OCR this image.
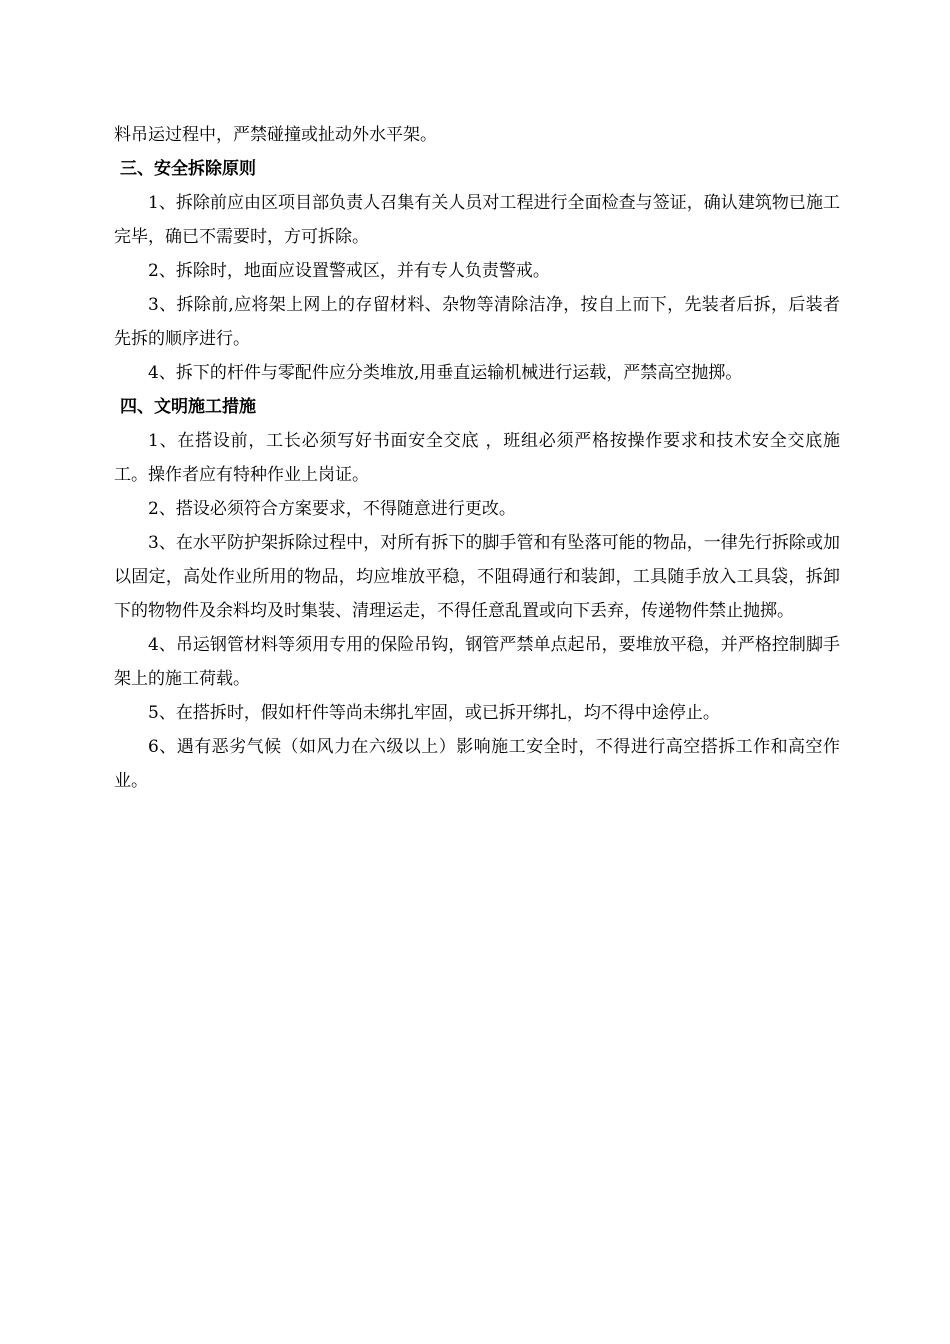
料吊运过程中，严禁碰撞或扯动外水平架。

三、安全拆除原则

1、拆除前应由区项目部负责人召集有关人员对工程进行全面检查与签证，确认建筑物已施工完毕，确已不需要时，方可拆除。

2、拆除时，地面应设置警戒区，并有专人负责警戒。

3、拆除前,应将架上网上的存留材料、杂物等清除洁净，按自上而下，先装者后拆，后装者先拆的顺序进行。

4、拆下的杆件与零配件应分类堆放,用垂直运输机械进行运载，严禁高空抛掷。

四、文明施工措施

1、在搭设前，工长必须写好书面安全交底 ，班组必须严格按操作要求和技术安全交底施工。操作者应有特种作业上岗证。

2、搭设必须符合方案要求，不得随意进行更改。

3、在水平防护架拆除过程中，对所有拆下的脚手管和有坠落可能的物品，一律先行拆除或加以固定，高处作业所用的物品，均应堆放平稳，不阻碍通行和装卸，工具随手放入工具袋，拆卸下的物物件及余料均及时集装、清理运走，不得任意乱置或向下丢弃，传递物件禁止抛掷。

4、吊运钢管材料等须用专用的保险吊钩，钢管严禁单点起吊，要堆放平稳，并严格控制脚手架上的施工荷载。

5、在搭拆时，假如杆件等尚未绑扎牢固，或已拆开绑扎，均不得中途停止。

6、遇有恶劣气候（如风力在六级以上）影响施工安全时，不得进行高空搭拆工作和高空作业。
